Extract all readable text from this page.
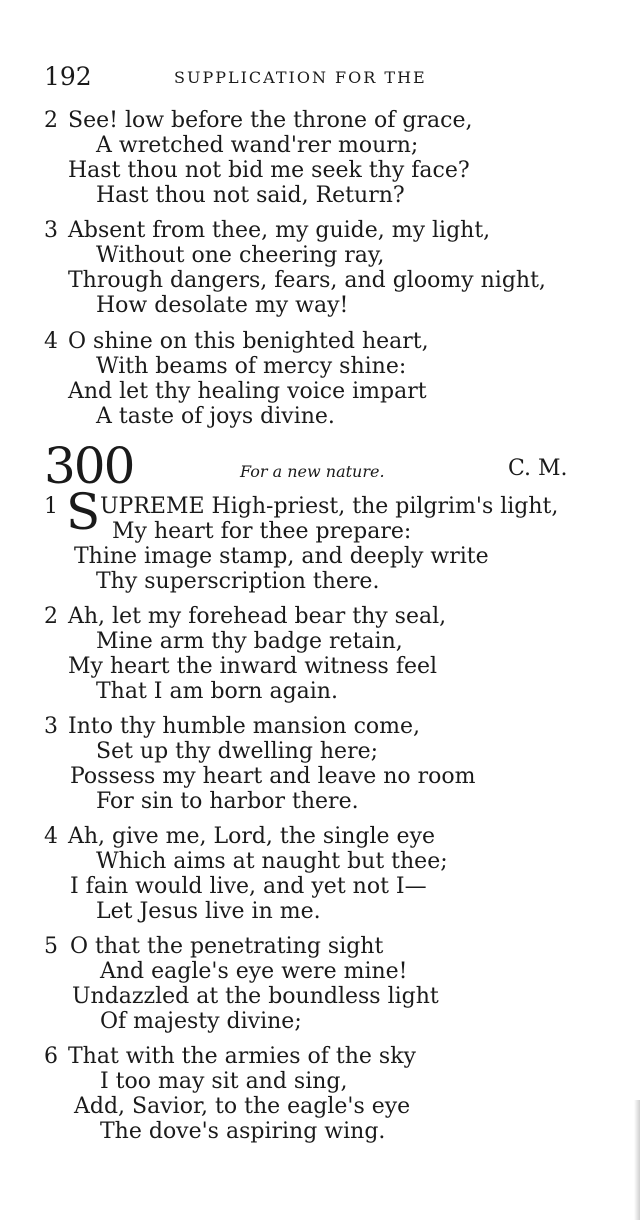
192	SUPPLICATION FOR THE
2 See! low before the throne of grace,
A wretched wand'rer mourn;
Hast thou not bid me seek thy face?
Hast thou not said, Return?
3 Absent from thee, my guide, my light,
Without one cheering ray,
Through dangers, fears, and gloomy night,
How desolate my way!
4 O shine on this benighted heart,
With beams of mercy shine:
And let thy healing voice impart
A taste of joys divine.
300	For a new nature.	C. M.
1 S UPREME High-priest, the pilgrim's light,
My heart for thee prepare:
Thine image stamp, and deeply write
Thy superscription there.
2 Ah, let my forehead bear thy seal,
Mine arm thy badge retain,
My heart the inward witness feel
That I am born again.
3 Into thy humble mansion come,
Set up thy dwelling here;
Possess my heart and leave no room
For sin to harbor there.
4 Ah, give me, Lord, the single eye
Which aims at naught but thee;
I fain would live, and yet not I—
Let Jesus live in me.
5 O that the penetrating sight
And eagle's eye were mine!
Undazzled at the boundless light
Of majesty divine;
6 That with the armies of the sky
I too may sit and sing,
Add, Savior, to the eagle's eye
The dove's aspiring wing.
